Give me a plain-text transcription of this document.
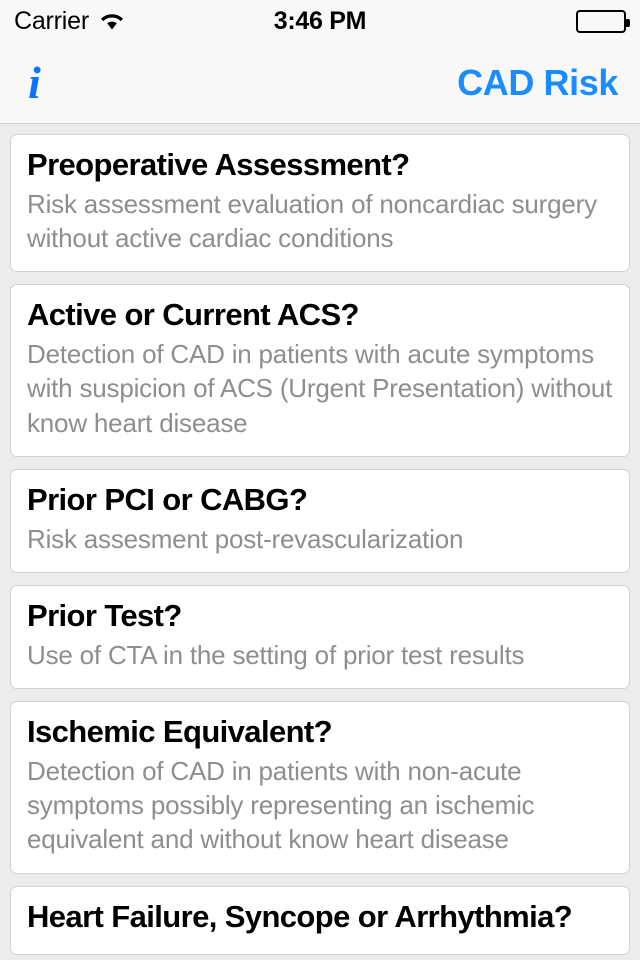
Carrier	3:46 PM
i	CAD Risk
Preoperative Assessment?
Risk assessment evaluation of noncardiac surgery without active cardiac conditions
Active or Current ACS?
Detection of CAD in patients with acute symptoms with suspicion of ACS (Urgent Presentation) without know heart disease
Prior PCI or CABG?
Risk assesment post-revascularization
Prior Test?
Use of CTA in the setting of prior test results
Ischemic Equivalent?
Detection of CAD in patients with non-acute symptoms possibly representing an ischemic equivalent and without know heart disease
Heart Failure, Syncope or Arrhythmia?
